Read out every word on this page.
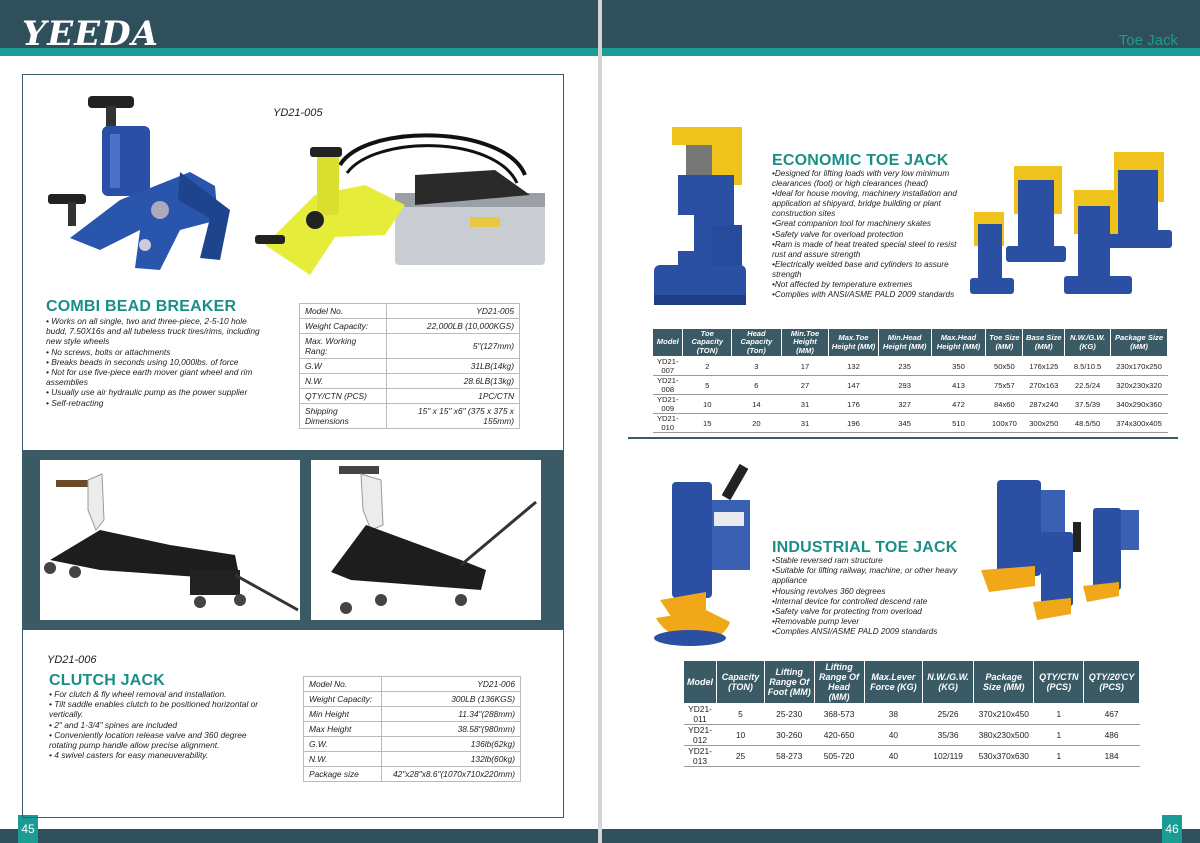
YEEDA	Toe Jack
45	46
YD21-005
COMBI BEAD BREAKER
• Works on all single, two and three-piece, 2-5-10 hole
budd, 7.50X16s and all tubeless truck tires/rims, including
new style wheels
• No screws, bolts or attachments
• Breaks beads in seconds using 10,000lbs. of force
• Not for use five-piece earth mover giant wheel and rim
assemblies
• Usually use air hydraulic pump as the power supplier
• Self-retracting
Model No.	YD21-005
Weight Capacity:	22,000LB (10,000KGS)
Max. Working Rang:	5"(127mm)
G.W	31LB(14kg)
N.W.	28.6LB(13kg)
QTY/CTN (PCS)	1PC/CTN
Shipping Dimensions	15" x 15" x6" (375 x 375 x 155mm)
YD21-006
CLUTCH JACK
• For clutch & fly wheel removal and installation.
• Tilt saddle enables clutch to be positioned horizontal or
vertically.
• 2" and 1-3/4" spines are included
• Conveniently location release valve and 360 degree
rotating pump handle allow precise alignment.
• 4 swivel casters for easy maneuverability.
Model No.	YD21-006
Weight Capacity:	300LB (136KGS)
Min Height	11.34"(288mm)
Max Height	38.58"(980mm)
G.W.	136lb(62kg)
N.W.	132lb(60kg)
Package size	42"x28"x8.6"(1070x710x220mm)
ECONOMIC TOE JACK
•Designed for lifting loads with very low minimum
clearances (foot) or high clearances (head)
•Ideal for house moving, machinery installation and
application at shipyard, bridge building or plant
construction sites
•Great companion tool for machinery skates
•Safety valve for overload protection
•Ram is made of heat treated special steel to resist
rust and assure strength
•Electrically welded base and cylinders to assure
strength
•Not affected by temperature extremes
•Complies with ANSI/ASME PALD 2009 standards
Model	Toe Capacity (TON)	Head Capacity (Ton)	Min.Toe Height (MM)	Max.Toe Height (MM)	Min.Head Height (MM)	Max.Head Height (MM)	Toe Size (MM)	Base Size (MM)	N.W./G.W. (KG)	Package Size (MM)
YD21-007	2	3	17	132	235	350	50x50	176x125	8.5/10.5	230x170x250
YD21-008	5	6	27	147	293	413	75x57	270x163	22.5/24	320x230x320
YD21-009	10	14	31	176	327	472	84x60	287x240	37.5/39	340x290x360
YD21-010	15	20	31	196	345	510	100x70	300x250	48.5/50	374x300x405
INDUSTRIAL TOE JACK
•Stable reversed ram structure
•Suitable for lifting railway, machine, or other heavy
appliance
•Housing revolves 360 degrees
•Internal device for controlled descend rate
•Safety valve for protecting from overload
•Removable pump lever
•Complies ANSI/ASME PALD 2009 standards
Model	Capacity (TON)	Lifting Range Of Foot (MM)	Lifting Range Of Head (MM)	Max.Lever Force (KG)	N.W./G.W. (KG)	Package Size (MM)	QTY/CTN (PCS)	QTY/20'CY (PCS)
YD21-011	5	25-230	368-573	38	25/26	370x210x450	1	467
YD21-012	10	30-260	420-650	40	35/36	380x230x500	1	486
YD21-013	25	58-273	505-720	40	102/119	530x370x630	1	184
